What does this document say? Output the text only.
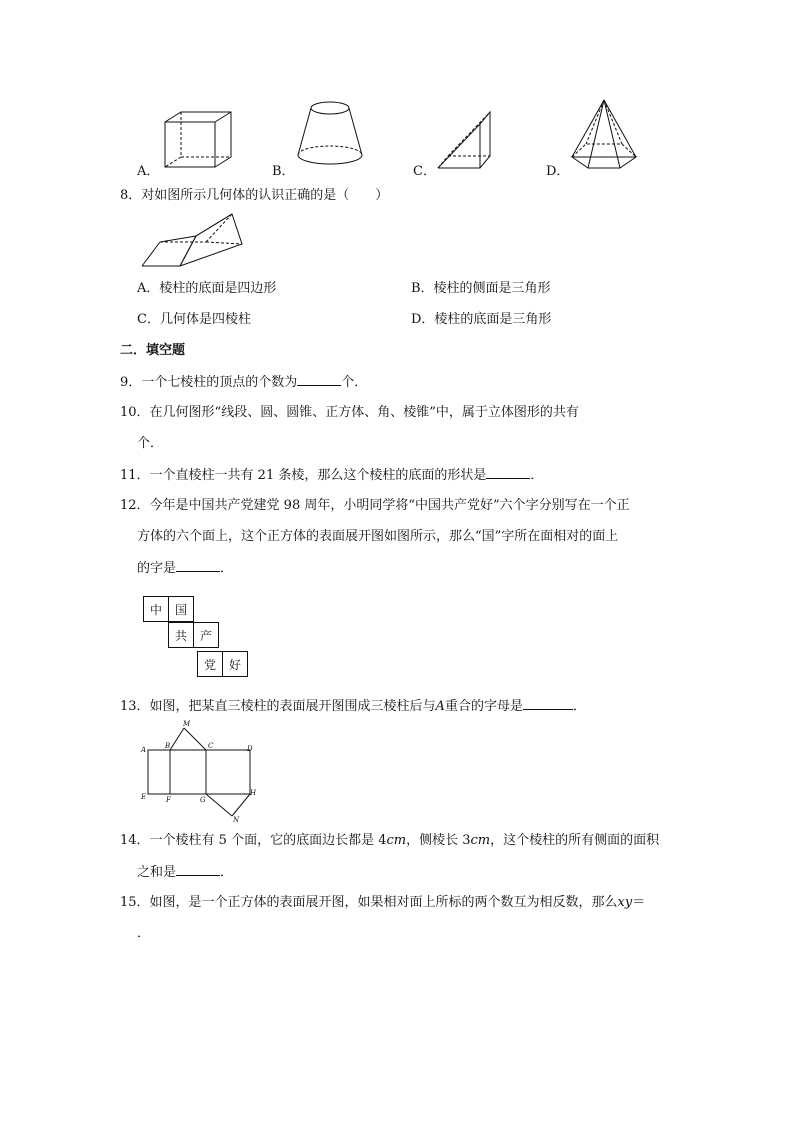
A．	B．	C．	D．
8．对如图所示几何体的认识正确的是（　　）
A．棱柱的底面是四边形	B．棱柱的侧面是三角形
C．几何体是四棱柱	D．棱柱的底面是三角形
二．填空题
9．一个七棱柱的顶点的个数为	个．
10．在几何图形“线段、圆、圆锥、正方体、角、棱锥”中，属于立体图形的共有
个．
11．一个直棱柱一共有 21 条棱，那么这个棱柱的底面的形状是	．
12．今年是中国共产党建党 98 周年，小明同学将“中国共产党好”六个字分别写在一个正
方体的六个面上，这个正方体的表面展开图如图所示，那么“国”字所在面相对的面上
的字是	．
中	国
共	产
党	好
13．如图，把某直三棱柱的表面展开图围成三棱柱后与A重合的字母是	．
M
A	B	C	D
E	F	G
H
N
14．一个棱柱有 5 个面，它的底面边长都是 4cm，侧棱长 3cm，这个棱柱的所有侧面的面积
之和是	．
15．如图，是一个正方体的表面展开图，如果相对面上所标的两个数互为相反数，那么xy＝
．
